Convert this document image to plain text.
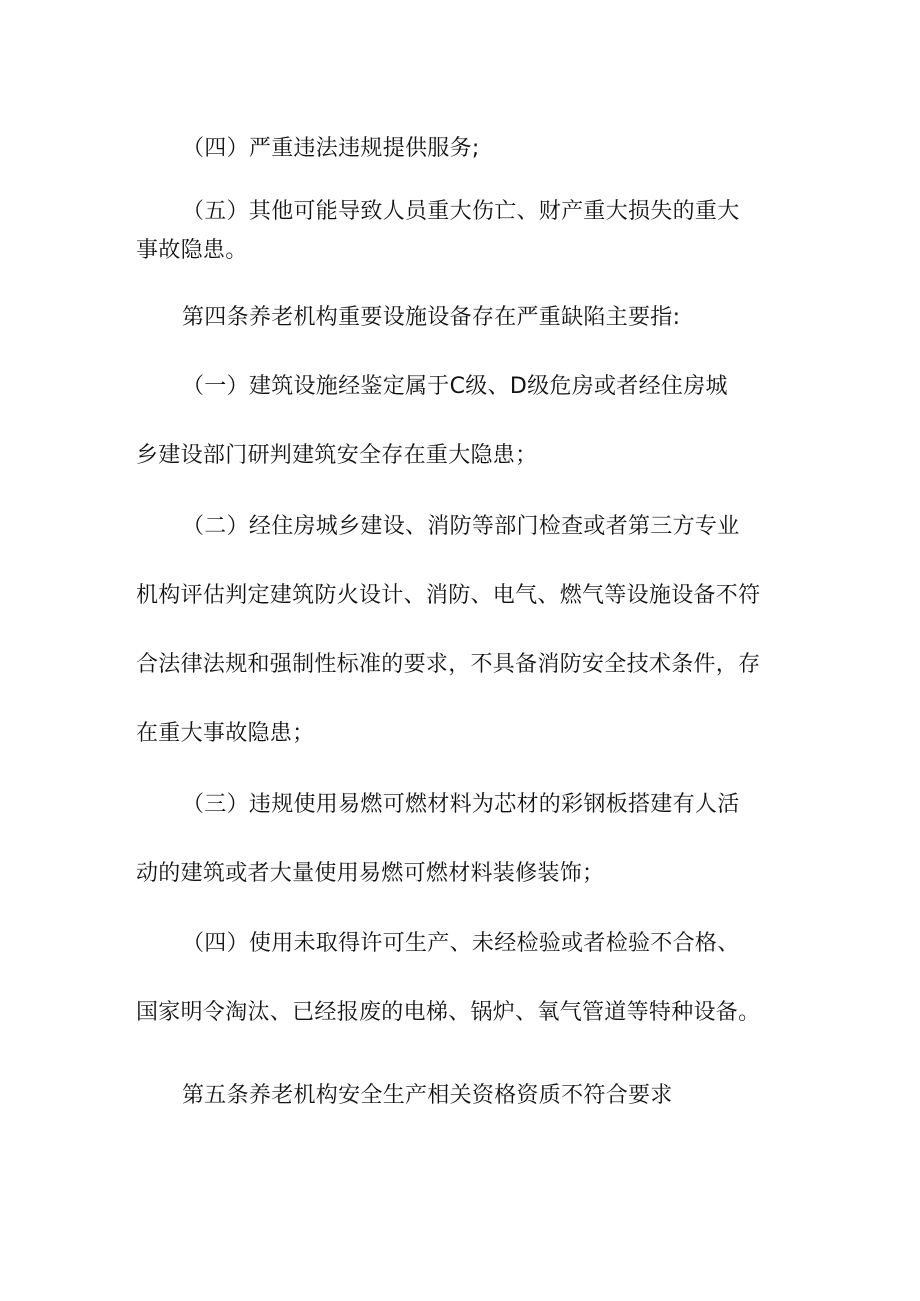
（四）严重违法违规提供服务;
（五）其他可能导致人员重大伤亡、财产重大损失的重大
事故隐患。
第四条养老机构重要设施设备存在严重缺陷主要指:
（一）建筑设施经鉴定属于C级、D级危房或者经住房城
乡建设部门研判建筑安全存在重大隐患；
（二）经住房城乡建设、消防等部门检查或者第三方专业
机构评估判定建筑防火设计、消防、电气、燃气等设施设备不符
合法律法规和强制性标准的要求，不具备消防安全技术条件，存
在重大事故隐患；
（三）违规使用易燃可燃材料为芯材的彩钢板搭建有人活
动的建筑或者大量使用易燃可燃材料装修装饰；
（四）使用未取得许可生产、未经检验或者检验不合格、
国家明令淘汰、已经报废的电梯、锅炉、氧气管道等特种设备。
第五条养老机构安全生产相关资格资质不符合要求
